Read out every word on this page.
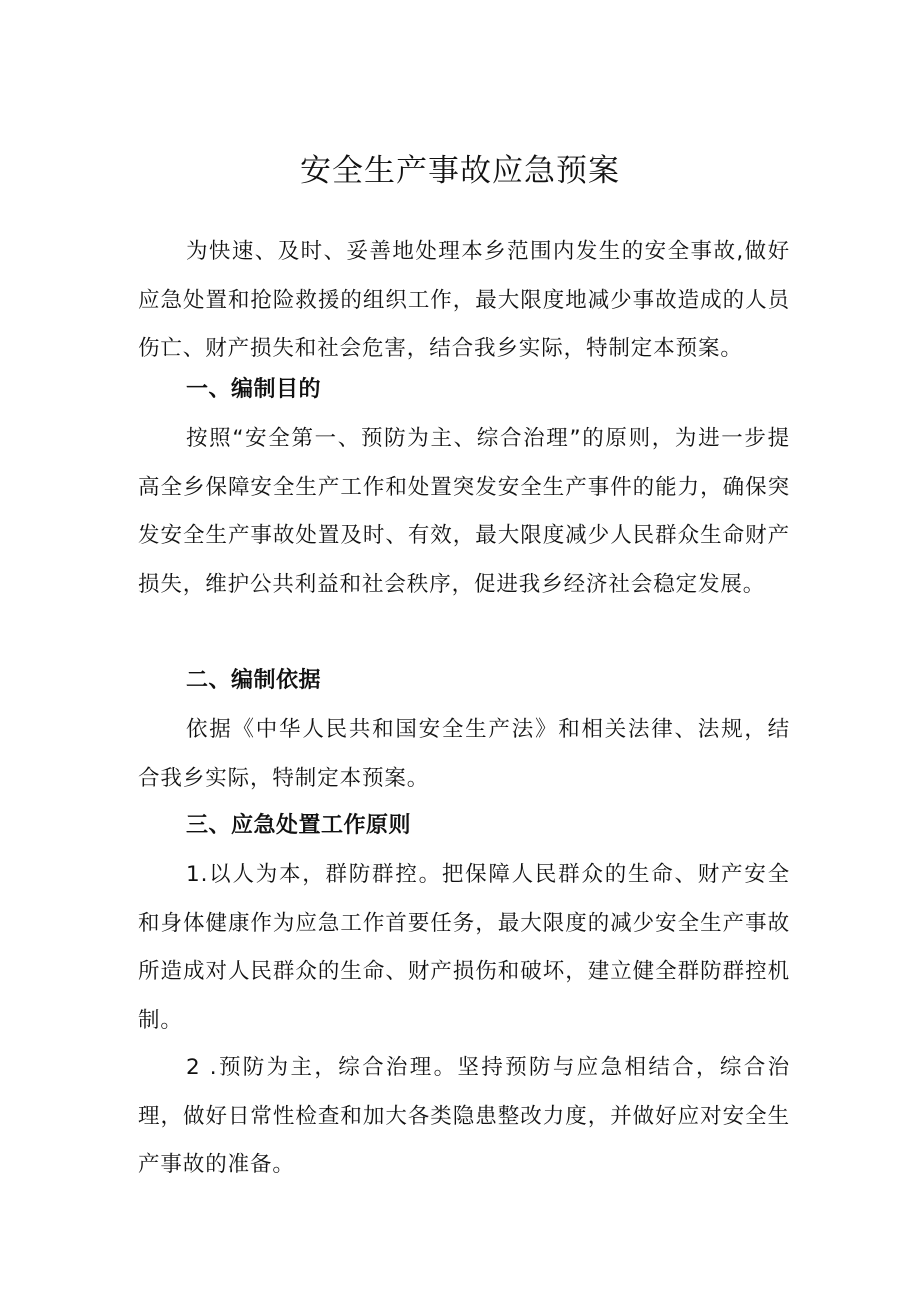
安全生产事故应急预案

为快速、及时、妥善地处理本乡范围内发生的安全事故,做好应急处置和抢险救援的组织工作，最大限度地减少事故造成的人员伤亡、财产损失和社会危害，结合我乡实际，特制定本预案。

一、编制目的

按照“安全第一、预防为主、综合治理”的原则，为进一步提高全乡保障安全生产工作和处置突发安全生产事件的能力，确保突发安全生产事故处置及时、有效，最大限度减少人民群众生命财产损失，维护公共利益和社会秩序，促进我乡经济社会稳定发展。

二、编制依据

依据《中华人民共和国安全生产法》和相关法律、法规，结合我乡实际，特制定本预案。

三、应急处置工作原则

1.以人为本，群防群控。把保障人民群众的生命、财产安全和身体健康作为应急工作首要任务，最大限度的减少安全生产事故所造成对人民群众的生命、财产损伤和破坏，建立健全群防群控机制。

2 .预防为主，综合治理。坚持预防与应急相结合，综合治理，做好日常性检查和加大各类隐患整改力度，并做好应对安全生产事故的准备。
